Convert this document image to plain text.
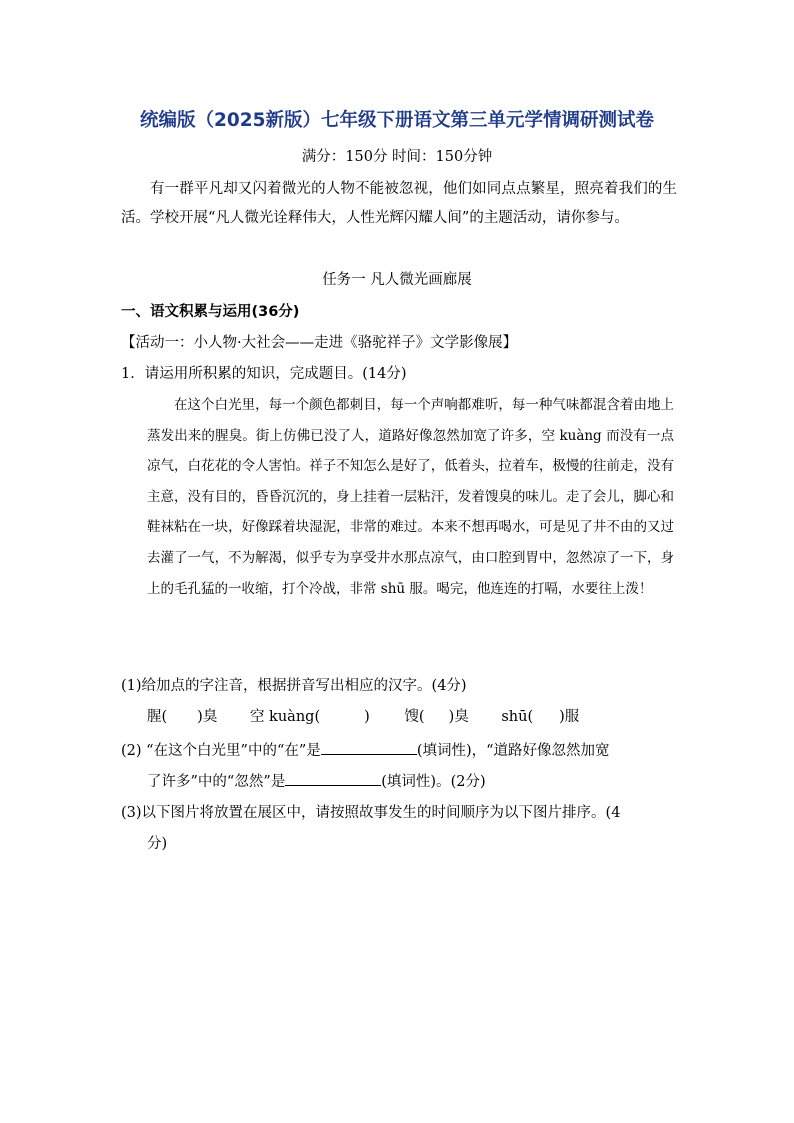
统编版（2025新版）七年级下册语文第三单元学情调研测试卷
满分：150分 时间：150分钟
有一群平凡却又闪着微光的人物不能被忽视，他们如同点点繁星，照亮着我们的生活。学校开展“凡人微光诠释伟大，人性光辉闪耀人间”的主题活动，请你参与。
任务一 凡人微光画廊展
一、语文积累与运用(36分)
【活动一：小人物·大社会——走进《骆驼祥子》文学影像展】
1．请运用所积累的知识，完成题目。(14分)
在这个白光里，每一个颜色都刺目，每一个声响都难听，每一种气味都混含着由地上蒸发出来的腥臭。街上仿佛已没了人，道路好像忽然加宽了许多，空 kuàng 而没有一点凉气，白花花的令人害怕。祥子不知怎么是好了，低着头，拉着车，极慢的往前走，没有主意，没有目的，昏昏沉沉的，身上挂着一层粘汗，发着馊臭的味儿。走了会儿，脚心和鞋袜粘在一块，好像踩着块湿泥，非常的难过。本来不想再喝水，可是见了井不由的又过去灌了一气，不为解渴，似乎专为享受井水那点凉气，由口腔到胃中，忽然凉了一下，身上的毛孔猛的一收缩，打个冷战，非常 shū 服。喝完，他连连的打嗝，水要往上泼！
(1)给加点的字注音，根据拼音写出相应的汉字。(4分)
腥( )臭 空 kuàng(	) 馊( )臭 shū( )服
(2) “在这个白光里”中的“在”是	(填词性)，“道路好像忽然加宽
了许多”中的“忽然”是	(填词性)。(2分)
(3)以下图片将放置在展区中，请按照故事发生的时间顺序为以下图片排序。(4
分)
